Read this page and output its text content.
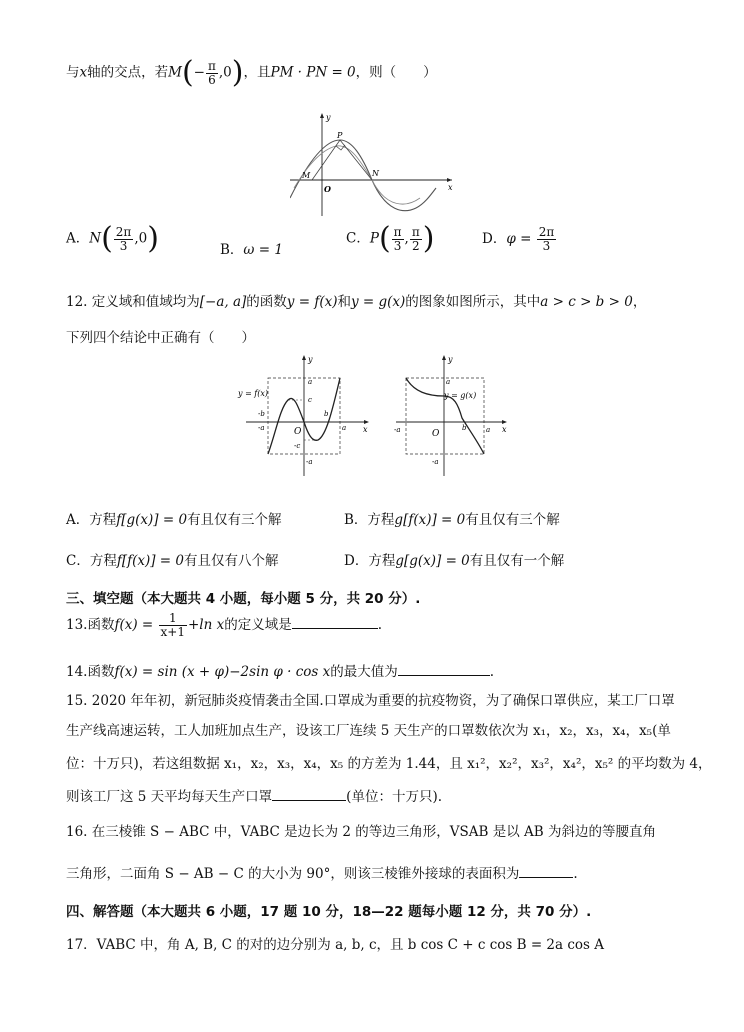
与x轴的交点，若$M(- \frac{\pi}{6} ,0)$，且PM · PN = 0，则（　　）
y
x
O
M	N
P
A．$N( \frac{2\pi}{3} ,0)$	B．ω = 1
C．$P( \frac{\pi}{3}$ , $\frac{\pi}{2}$ )	D．$\varphi = \frac{2\pi}{3}$
12. 定义域和值域均为[−a, a]的函数y = f(x)和y = g(x)的图象如图所示，其中a > c > b > 0，
下列四个结论中正确有（　　）
y
x
O
y = f(x)
a
c
-b
-a
b
a
-c
-a
y
x
O
y = g(x)
a
-a	b	a
-a
A．方程f[g(x)] = 0有且仅有三个解	B．方程g[f(x)] = 0有且仅有三个解
C．方程f[f(x)] = 0有且仅有八个解	D．方程g[g(x)] = 0有且仅有一个解
三、填空题（本大题共 4 小题，每小题 5 分，共 20 分）.
13.函数$f(x) = \frac{1}{x+1} +\ln$ x的定义域是	.
14.函数f(x) = sin (x + φ)−2sin φ · cos x的最大值为	.
15. 2020 年年初，新冠肺炎疫情袭击全国.口罩成为重要的抗疫物资，为了确保口罩供应，某工厂口罩
生产线高速运转，工人加班加点生产，设该工厂连续 5 天生产的口罩数依次为 x₁，x₂，x₃，x₄，x₅(单
位：十万只)，若这组数据 x₁，x₂，x₃，x₄，x₅ 的方差为 1.44，且 x₁²，x₂²，x₃²，x₄²，x₅² 的平均数为 4，
则该工厂这 5 天平均每天生产口罩	(单位：十万只).
16. 在三棱锥 S − ABC 中，VABC 是边长为 2 的等边三角形，VSAB 是以 AB 为斜边的等腰直角
三角形，二面角 S − AB − C 的大小为 90°，则该三棱锥外接球的表面积为	.
四、解答题（本大题共 6 小题，17 题 10 分，18—22 题每小题 12 分，共 70 分）.
17．VABC 中，角 A, B, C 的对的边分别为 a, b, c，且 b cos C + c cos B = 2a cos A
